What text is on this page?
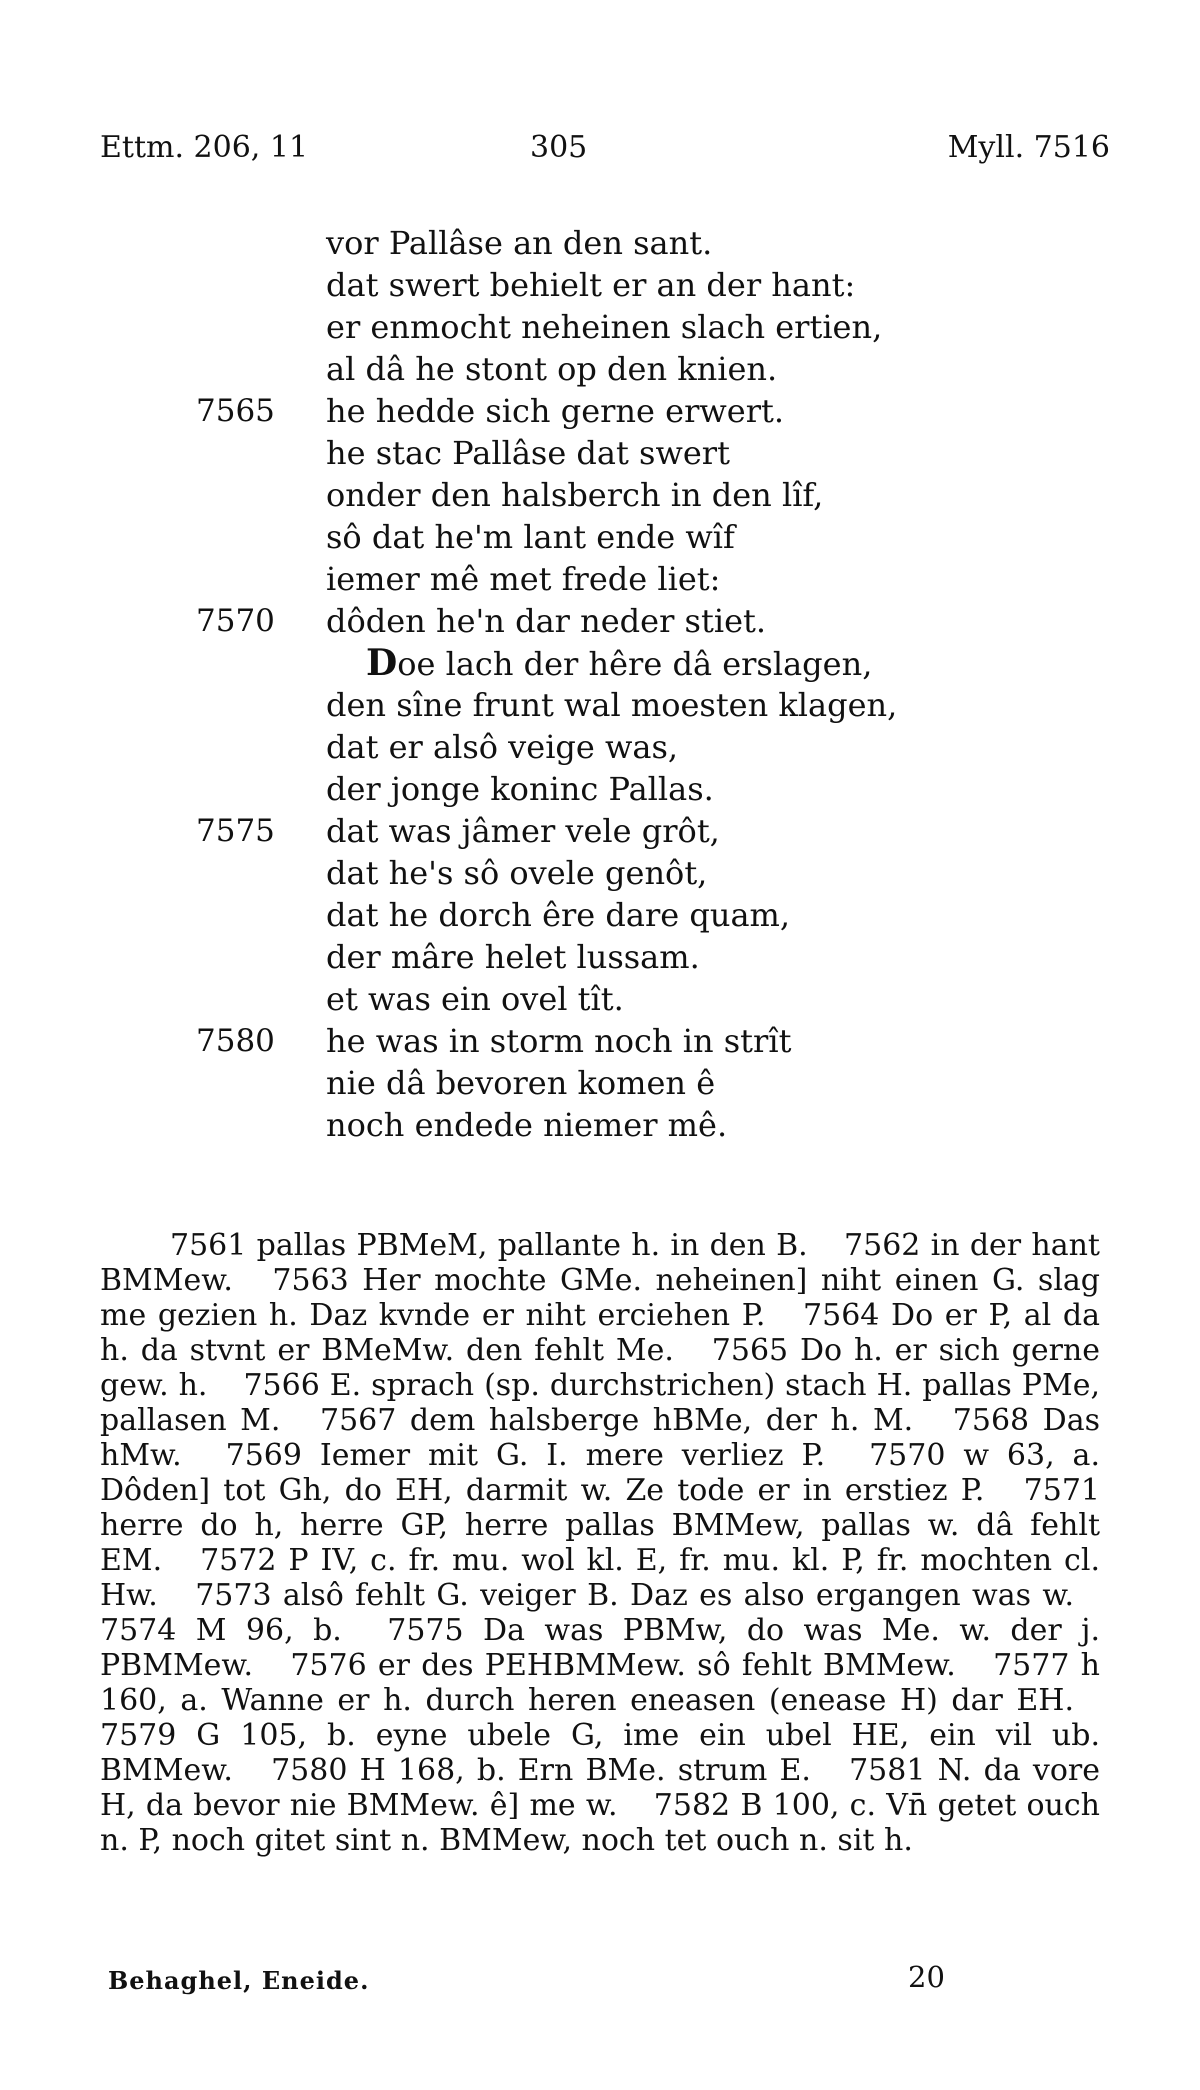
Ettm. 206, 11	305	Myll. 7516
vor Pallâse an den sant.
dat swert behielt er an der hant:
er enmocht neheinen slach ertien,
al dâ he stont op den knien.
7565	he hedde sich gerne erwert.
he stac Pallâse dat swert
onder den halsberch in den lîf,
sô dat he'm lant ende wîf
iemer mê met frede liet:
7570	dôden he'n dar neder stiet.
Doe lach der hêre dâ erslagen,
den sîne frunt wal moesten klagen,
dat er alsô veige was,
der jonge koninc Pallas.
7575	dat was jâmer vele grôt,
dat he's sô ovele genôt,
dat he dorch êre dare quam,
der mâre helet lussam.
et was ein ovel tît.
7580	he was in storm noch in strît
nie dâ bevoren komen ê
noch endede niemer mê.
7561 pallas PBMeM, pallante h. in den B. 7562 in der hant BMMew. 7563 Her mochte GMe. neheinen] niht einen G. slag me gezien h. Daz kvnde er niht erciehen P. 7564 Do er P, al da h. da stvnt er BMeMw. den fehlt Me. 7565 Do h. er sich gerne gew. h. 7566 E. sprach (sp. durchstrichen) stach H. pallas PMe, pallasen M. 7567 dem halsberge hBMe, der h. M. 7568 Das hMw. 7569 Iemer mit G. I. mere verliez P. 7570 w 63, a. Dôden] tot Gh, do EH, darmit w. Ze tode er in erstiez P. 7571 herre do h, herre GP, herre pallas BMMew, pallas w. dâ fehlt EM. 7572 P IV, c. fr. mu. wol kl. E, fr. mu. kl. P, fr. mochten cl. Hw. 7573 alsô fehlt G. veiger B. Daz es also ergangen was w. 7574 M 96, b. 7575 Da was PBMw, do was Me. w. der j. PBMMew. 7576 er des PEHBMMew. sô fehlt BMMew. 7577 h 160, a. Wanne er h. durch heren eneasen (enease H) dar EH. 7579 G 105, b. eyne ubele G, ime ein ubel HE, ein vil ub. BMMew. 7580 H 168, b. Ern BMe. strum E. 7581 N. da vore H, da bevor nie BMMew. ê] me w. 7582 B 100, c. Vn̄ getet ouch n. P, noch gitet sint n. BMMew, noch tet ouch n. sit h.
Behaghel, Eneide.	20
